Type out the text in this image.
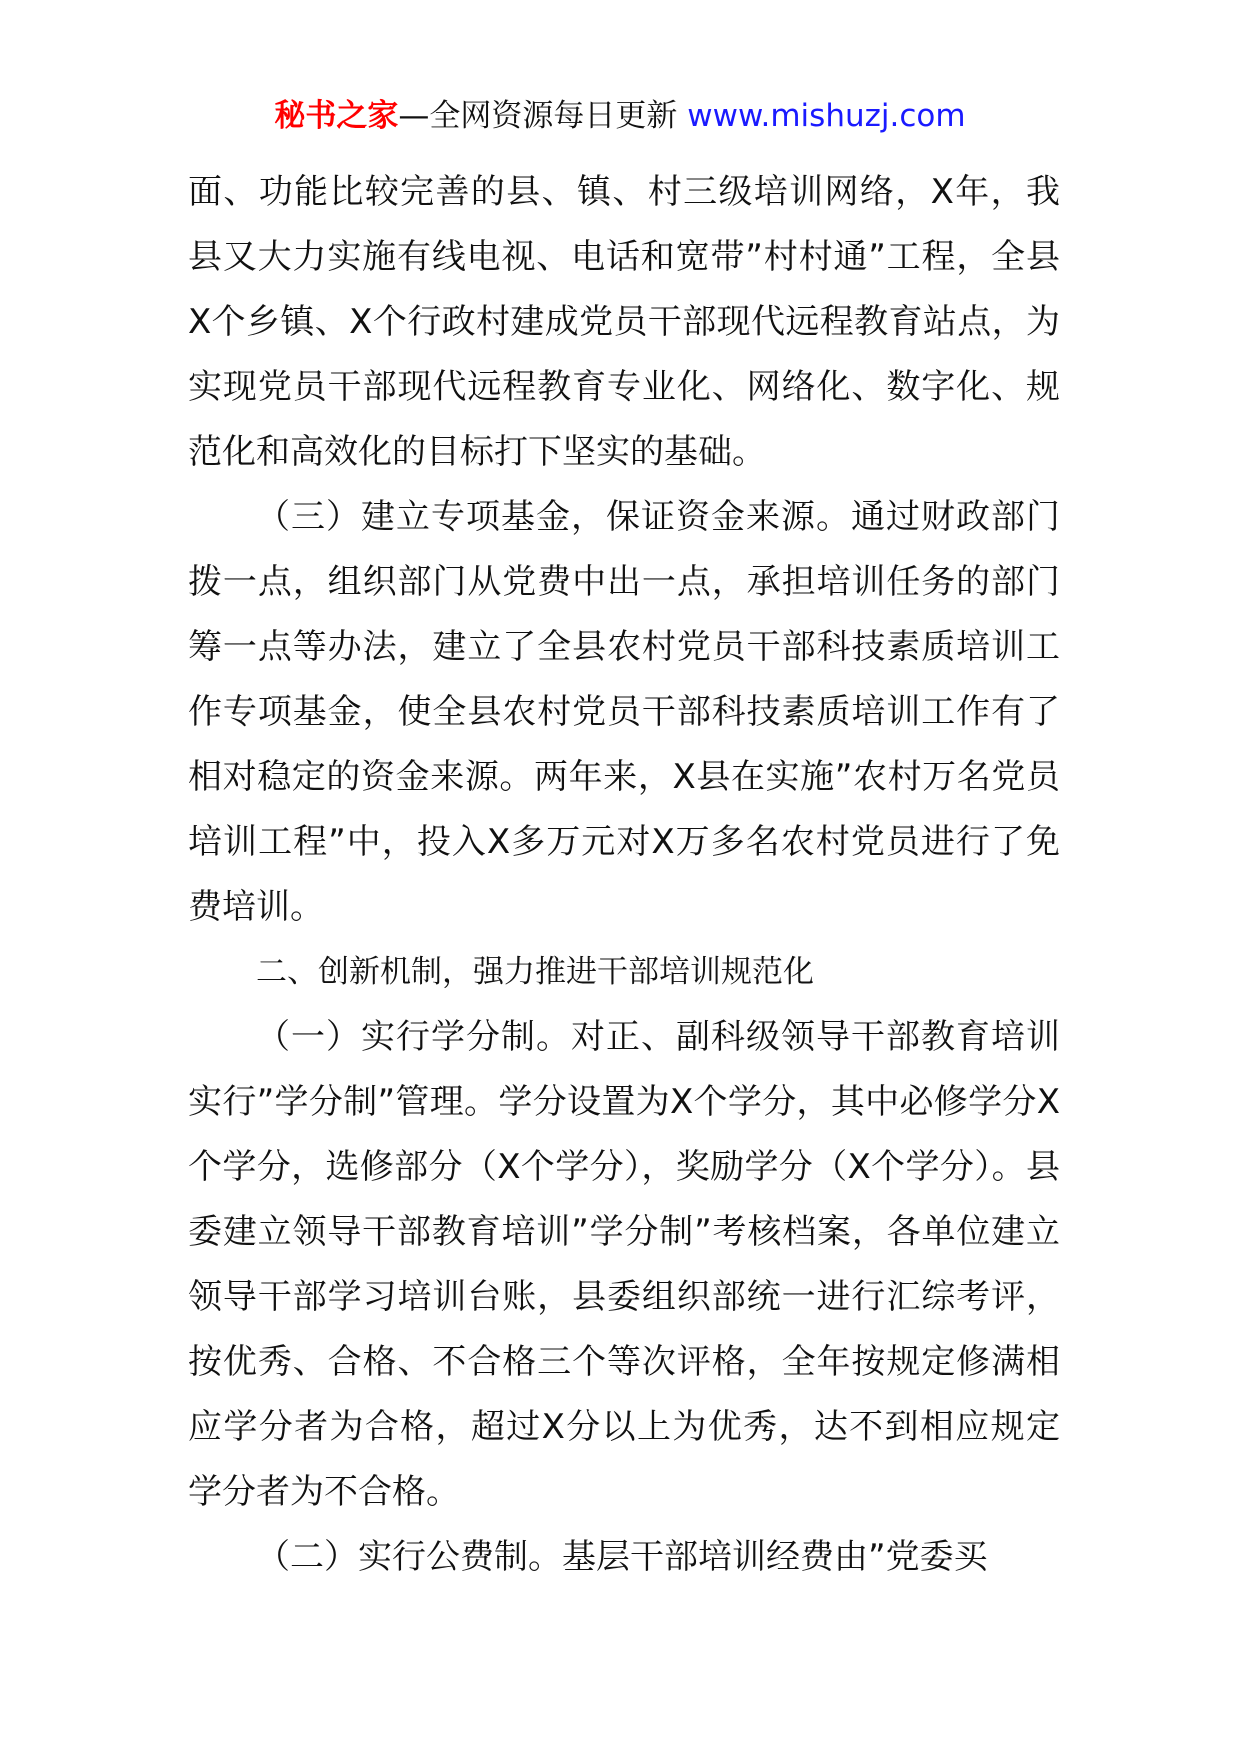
秘书之家—全网资源每日更新 www.mishuzj.com

面、功能比较完善的县、镇、村三级培训网络，X年，我县又大力实施有线电视、电话和宽带”村村通”工程，全县X个乡镇、X个行政村建成党员干部现代远程教育站点，为实现党员干部现代远程教育专业化、网络化、数字化、规范化和高效化的目标打下坚实的基础。

（三）建立专项基金，保证资金来源。通过财政部门拨一点，组织部门从党费中出一点，承担培训任务的部门筹一点等办法，建立了全县农村党员干部科技素质培训工作专项基金，使全县农村党员干部科技素质培训工作有了相对稳定的资金来源。两年来，X县在实施”农村万名党员培训工程”中，投入X多万元对X万多名农村党员进行了免费培训。

二、创新机制，强力推进干部培训规范化

（一）实行学分制。对正、副科级领导干部教育培训实行”学分制”管理。学分设置为X个学分，其中必修学分X个学分，选修部分（X个学分），奖励学分（X个学分）。县委建立领导干部教育培训”学分制”考核档案，各单位建立领导干部学习培训台账，县委组织部统一进行汇综考评，按优秀、合格、不合格三个等次评格，全年按规定修满相应学分者为合格，超过X分以上为优秀，达不到相应规定学分者为不合格。

（二）实行公费制。基层干部培训经费由”党委买
